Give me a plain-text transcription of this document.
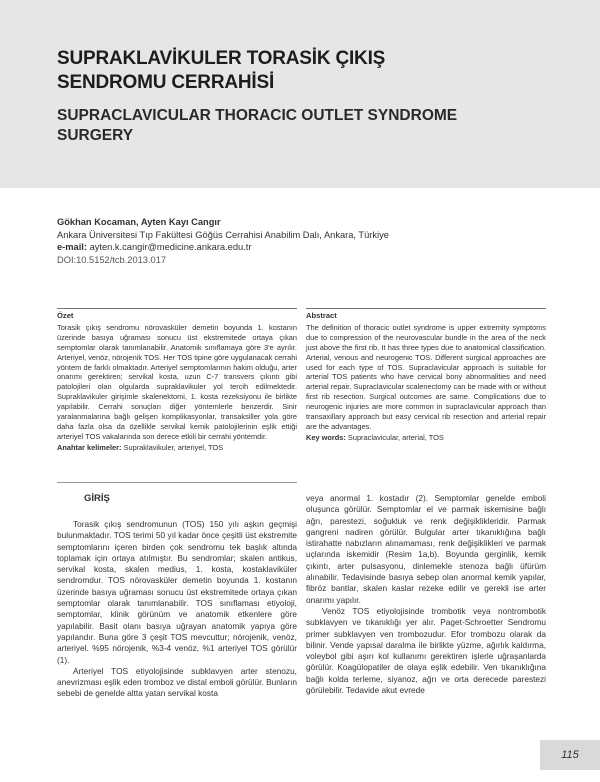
SUPRAKLAVİKULER TORASİK ÇIKIŞ
SENDROMU CERRAHİSİ
SUPRACLAVICULAR THORACIC OUTLET SYNDROME
SURGERY
Gökhan Kocaman, Ayten Kayı Cangır
Ankara Üniversitesi Tıp Fakültesi Göğüs Cerrahisi Anabilim Dalı, Ankara, Türkiye
e-mail: ayten.k.cangir@medicine.ankara.edu.tr
DOI:10.5152/tcb.2013.017
Özet
Torasik çıkış sendromu nörovasküler demetin boyunda 1. kostanın üzerinde basıya uğraması sonucu üst ekstremitede ortaya çıkan semptomlar olarak tanımlanabilir. Anatomik sınıflamaya göre 3'e ayrılır. Arteriyel, venöz, nörojenik TOS. Her TOS tipine göre uygulanacak cerrahi yöntem de farklı olmaktadır. Arteriyel semptomlarının hakim olduğu, arter onarımı gerektiren; servikal kosta, uzun C-7 transvers çıkıntı gibi patolojileri olan olgularda supraklavikuler yol tercih edilmektedir. Supraklavikuler girişimle skalenektomi, 1. kosta rezeksiyonu ile birlikte yapılabilir. Cerrahi sonuçları diğer yöntemlerle benzerdir. Sinir yaralanmalarına bağlı gelişen komplikasyonlar, transaksiller yola göre daha fazla olsa da özellikle servikal kemik patolojilerinin eşlik ettiği arteriyel TOS vakalarında son derece etkili bir cerrahi yöntemdir.
Anahtar kelimeler: Supraklavikuler, arteriyel, TOS
Abstract
The definition of thoracic outlet syndrome is upper extremity symptoms due to compression of the neurovascular bundle in the area of the neck just above the first rib. It has three types due to anatomical classification. Arterial, venous and neurogenic TOS. Different surgical approaches are used for each type of TOS. Supraclavicular approach is suitable for arterial TOS patients who have cervical bony abnormalities and need arterial repair. Supraclavicular scalenectomy can be made with or without first rib resection. Surgical outcomes are same. Complications due to neurogenic injuries are more common in supraclavicular approach than transaxillary approach but easy cervical rib resection and arterial repair are the advantages.
Key words: Supraclavicular, arterial, TOS
GİRİŞ

Torasik çıkış sendromunun (TOS) 150 yılı aşkın geçmişi bulunmaktadır. TOS terimi 50 yıl kadar önce çeşitli üst ekstremite semptomlarını içeren birden çok sendromu tek başlık altında toplamak için ortaya atılmıştır. Bu sendromlar; skalen antikus, servikal kosta, skalen medius, 1. kosta, kostaklaviküler sendromdur. TOS nörovasküler demetin boyunda 1. kostanın üzerinde basıya uğraması sonucu üst ekstremitede ortaya çıkan semptomlar olarak tanımlanabilir. TOS sınıflaması etiyoloji, semptomlar, klinik görünüm ve anatomik etkenlere göre yapılabilir. Basit olanı basıya uğrayan anatomik yapıya göre yapılandır. Buna göre 3 çeşit TOS mevcuttur; nörojenik, venöz, arteriyel. %95 nörojenik, %3-4 venöz, %1 arteriyel TOS görülür (1).

Arteriyel TOS etiyolojisinde subklavyen arter stenozu, anevrizması eşlik eden tromboz ve distal emboli görülür. Bunların sebebi de genelde altta yatan servikal kosta

veya anormal 1. kostadır (2). Semptomlar genelde emboli oluşunca görülür. Semptomlar el ve parmak iskemisine bağlı ağrı, parestezi, soğukluk ve renk değişiklikleridir. Parmak gangreni nadiren görülür. Bulgular arter tıkanıklığına bağlı istirahatte nabızların alınamaması, renk değişiklikleri ve parmak uçlarında iskemidir (Resim 1a,b). Boyunda gerginlik, kemik çıkıntı, arter pulsasyonu, dinlemekle stenoza bağlı üfürüm alınabilir. Tedavisinde basıya sebep olan anormal kemik yapılar, fibröz bantlar, skalen kaslar rezeke edilir ve gerekli ise arter onarımı yapılır.

Venöz TOS etiyolojisinde trombotik veya nontrombotik subklavyen ve tıkanıklığı yer alır. Paget-Schroetter Sendromu primer subklavyen ven trombozudur. Efor trombozu olarak da bilinir. Vende yapısal daralma ile birlikte yüzme, ağırlık kaldırma, voleybol gibi aşırı kol kullanımı gerektiren işlerle uğraşanlarda görülür. Koagülopatiler de olaya eşlik edebilir. Ven tıkanıklığına bağlı kolda terleme, siyanoz, ağrı ve orta derecede parestezi görülebilir. Tedavide akut evrede

115
